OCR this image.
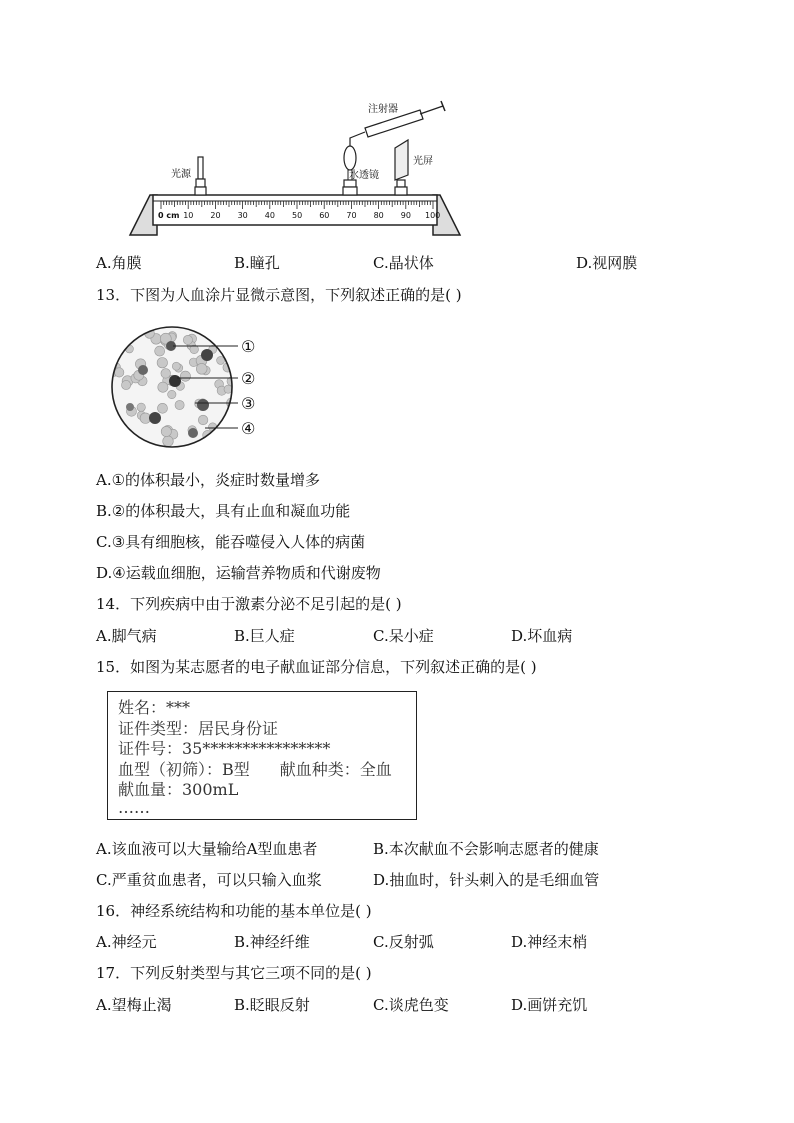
注射器
光源	水透镜
光屏
0 cm 10 20 30 40 50 60 70 80 90 100
A.角膜	B.瞳孔	C.晶状体	D.视网膜
13．下图为人血涂片显微示意图，下列叙述正确的是( )
①
②
③
④
A.①的体积最小，炎症时数量增多
B.②的体积最大，具有止血和凝血功能
C.③具有细胞核，能吞噬侵入人体的病菌
D.④运载血细胞，运输营养物质和代谢废物
14．下列疾病中由于激素分泌不足引起的是( )
A.脚气病	B.巨人症	C.呆小症	D.坏血病
15．如图为某志愿者的电子献血证部分信息，下列叙述正确的是( )
姓名：***
证件类型：居民身份证
证件号：35****************
血型（初筛）：B型 献血种类：全血
献血量：300mL
……
A.该血液可以大量输给A型血患者	B.本次献血不会影响志愿者的健康
C.严重贫血患者，可以只输入血浆	D.抽血时，针头刺入的是毛细血管
16．神经系统结构和功能的基本单位是( )
A.神经元	B.神经纤维	C.反射弧	D.神经末梢
17．下列反射类型与其它三项不同的是( )
A.望梅止渴	B.眨眼反射	C.谈虎色变	D.画饼充饥
